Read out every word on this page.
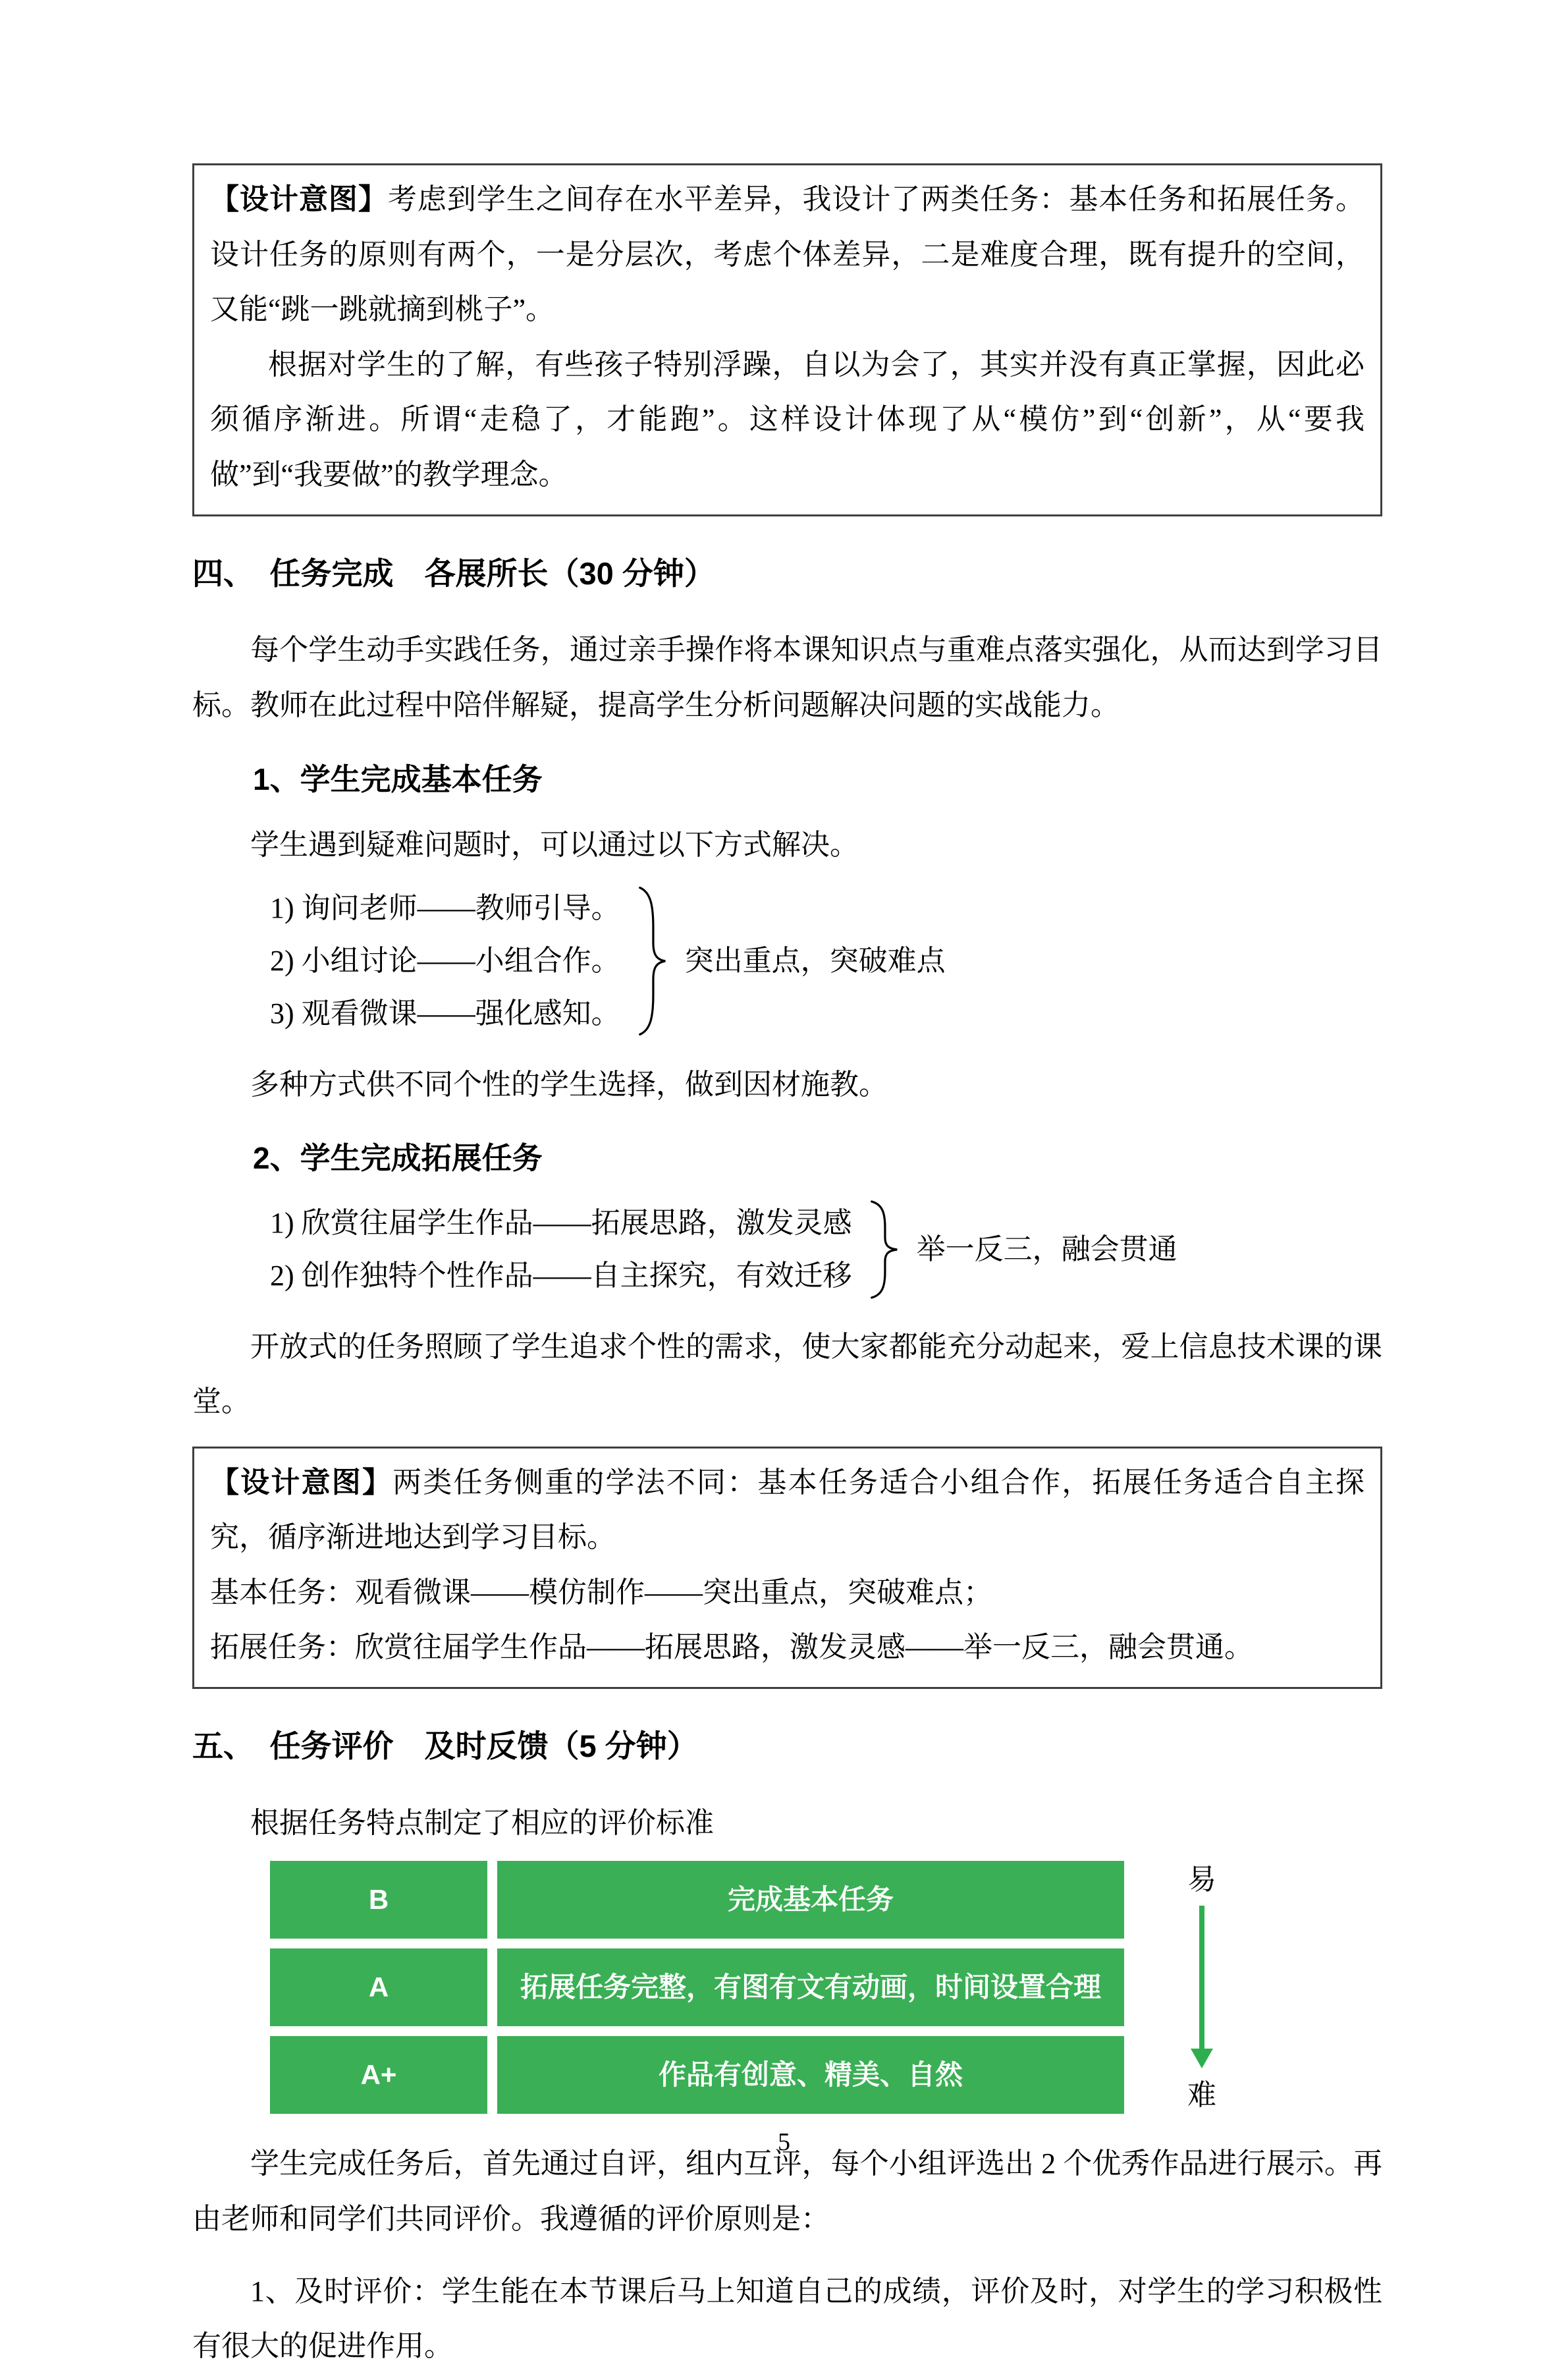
【设计意图】考虑到学生之间存在水平差异，我设计了两类任务：基本任务和拓展任务。设计任务的原则有两个，一是分层次，考虑个体差异，二是难度合理，既有提升的空间，又能“跳一跳就摘到桃子”。

根据对学生的了解，有些孩子特别浮躁，自以为会了，其实并没有真正掌握，因此必须循序渐进。所谓“走稳了，才能跑”。这样设计体现了从“模仿”到“创新”，从“要我做”到“我要做”的教学理念。

四、　任务完成　各展所长（30 分钟）

每个学生动手实践任务，通过亲手操作将本课知识点与重难点落实强化，从而达到学习目标。教师在此过程中陪伴解疑，提高学生分析问题解决问题的实战能力。

1、学生完成基本任务

学生遇到疑难问题时，可以通过以下方式解决。

1) 询问老师——教师引导。
2) 小组讨论——小组合作。
3) 观看微课——强化感知。
突出重点，突破难点

多种方式供不同个性的学生选择，做到因材施教。

2、学生完成拓展任务
1) 欣赏往届学生作品——拓展思路，激发灵感
2) 创作独特个性作品——自主探究，有效迁移
举一反三，融会贯通

开放式的任务照顾了学生追求个性的需求，使大家都能充分动起来，爱上信息技术课的课堂。

【设计意图】两类任务侧重的学法不同：基本任务适合小组合作，拓展任务适合自主探究，循序渐进地达到学习目标。

基本任务：观看微课——模仿制作——突出重点，突破难点；

拓展任务：欣赏往届学生作品——拓展思路，激发灵感——举一反三，融会贯通。

五、　任务评价　及时反馈（5 分钟）

根据任务特点制定了相应的评价标准

B	完成基本任务
A	拓展任务完整，有图有文有动画，时间设置合理
A+	作品有创意、精美、自然
易
难

学生完成任务后，首先通过自评，组内互评，每个小组评选出 2 个优秀作品进行展示。再由老师和同学们共同评价。我遵循的评价原则是：

1、及时评价：学生能在本节课后马上知道自己的成绩，评价及时，对学生的学习积极性有很大的促进作用。

5
